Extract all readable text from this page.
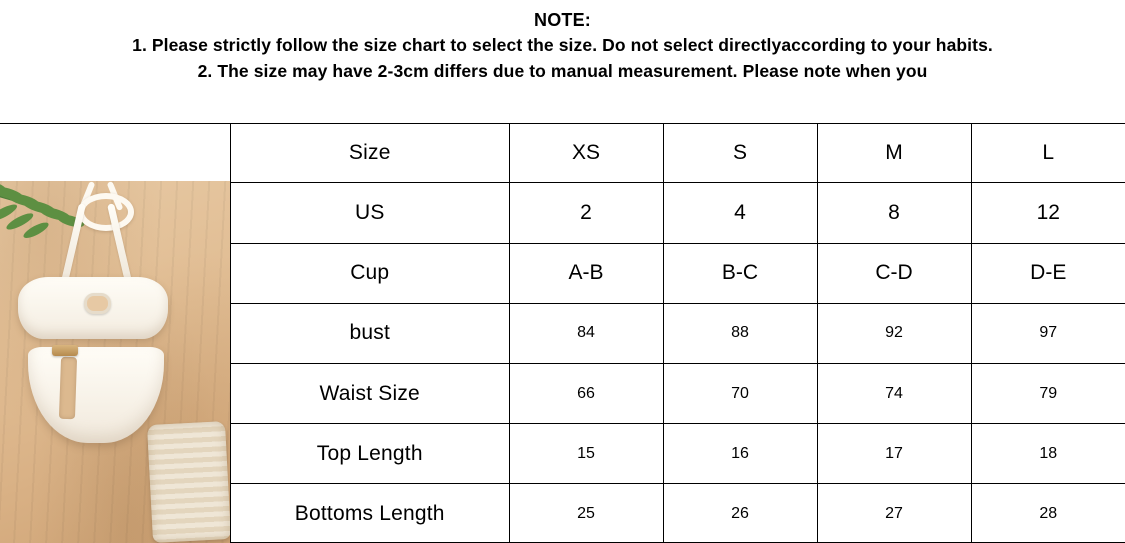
NOTE:
1. Please strictly follow the size chart to select the size. Do not select directlyaccording to your habits.
2. The size may have 2-3cm differs due to manual measurement. Please note when you
Size	XS	S	M	L
US	2	4	8	12
Cup	A-B	B-C	C-D	D-E
bust	84	88	92	97
Waist Size	66	70	74	79
Top Length	15	16	17	18
Bottoms Length	25	26	27	28
